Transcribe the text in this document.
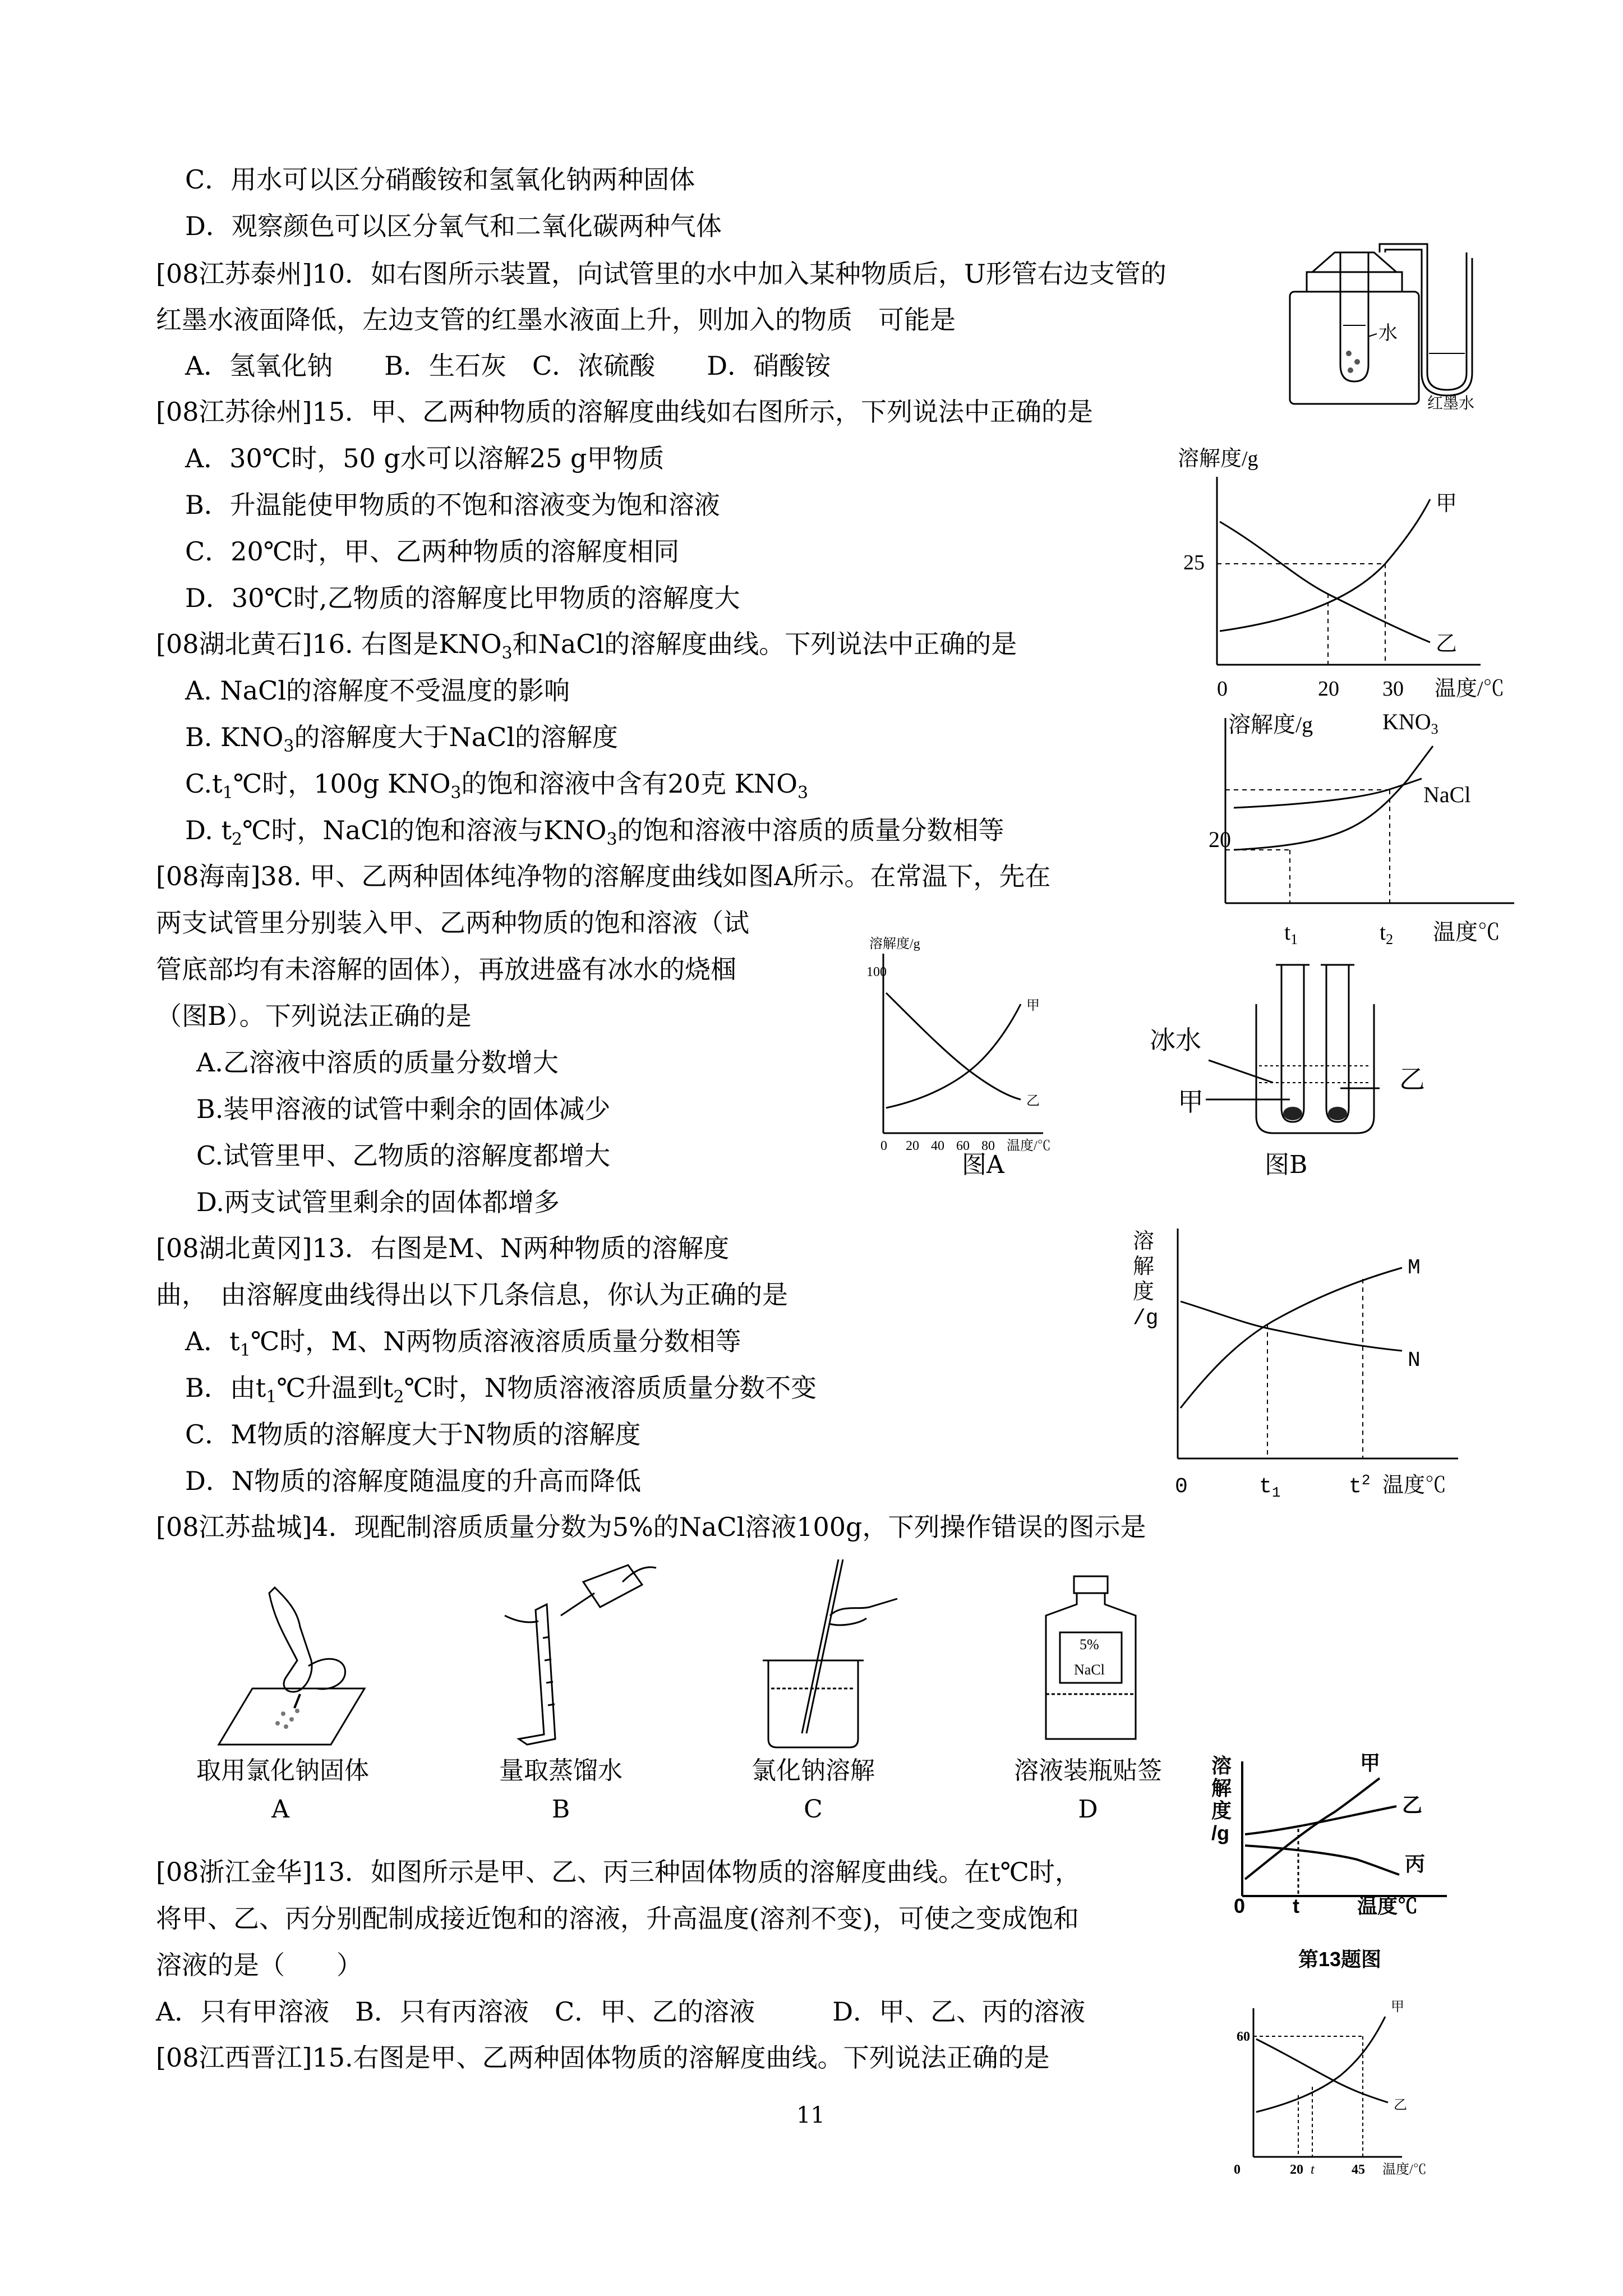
C．用水可以区分硝酸铵和氢氧化钠两种固体
D．观察颜色可以区分氧气和二氧化碳两种气体
[08江苏泰州]10．如右图所示装置，向试管里的水中加入某种物质后，U形管右边支管的
红墨水液面降低，左边支管的红墨水液面上升，则加入的物质　可能是
A．氢氧化钠　　B．生石灰　C．浓硫酸　　D．硝酸铵
[08江苏徐州]15．甲、乙两种物质的溶解度曲线如右图所示，下列说法中正确的是
A．30℃时，50 g水可以溶解25 g甲物质
B．升温能使甲物质的不饱和溶液变为饱和溶液
C．20℃时，甲、乙两种物质的溶解度相同
D．30℃时,乙物质的溶解度比甲物质的溶解度大
[08湖北黄石]16. 右图是$KNO_3$和NaCl的溶解度曲线。下列说法中正确的是
A. NaCl的溶解度不受温度的影响
B. $KNO_3$的溶解度大于NaCl的溶解度
$C.t_1℃$时，100g $KNO_3$的饱和溶液中含有20克 $KNO_3$
D. $t_2℃$时，NaCl的饱和溶液与$KNO_3$的饱和溶液中溶质的质量分数相等
[08海南]38. 甲、乙两种固体纯净物的溶解度曲线如图A所示。在常温下，先在
两支试管里分别装入甲、乙两种物质的饱和溶液（试
管底部均有未溶解的固体），再放进盛有冰水的烧椢
（图B）。下列说法正确的是
A.乙溶液中溶质的质量分数增大
B.装甲溶液的试管中剩余的固体减少
C.试管里甲、乙物质的溶解度都增大
D.两支试管里剩余的固体都增多
[08湖北黄冈]13．右图是M、N两种物质的溶解度
曲，　由溶解度曲线得出以下几条信息，你认为正确的是
A．$t_1℃$时，M、N两物质溶液溶质质量分数相等
B．由$t_1℃$升温到$t_2℃$时，N物质溶液溶质质量分数不变
C．M物质的溶解度大于N物质的溶解度
D．N物质的溶解度随温度的升高而降低
[08江苏盐城]4．现配制溶质质量分数为5%的NaCl溶液100g，下列操作错误的图示是
[08浙江金华]13．如图所示是甲、乙、丙三种固体物质的溶解度曲线。在t℃时，
将甲、乙、丙分别配制成接近饱和的溶液，升高温度(溶剂不变)，可使之变成饱和
溶液的是（　　）
A．只有甲溶液　B．只有丙溶液　C．甲、乙的溶液　　　D．甲、乙、丙的溶液
[08江西晋江]15.右图是甲、乙两种固体物质的溶解度曲线。下列说法正确的是
11
水
红墨水
溶解度/g
25
0	20 30 温度/℃
甲
乙
溶解度/g	$KNO_3$
NaCl
20
$t_1$	$t_2$ 温度℃
溶解度/g
100
0 20 40 60 80 温度/℃
甲
乙
图A
冰水
甲
乙
图B
溶
解
度
/g
M
N
0	$t_1$	$t^2$ 温度℃
5%
NaCl
取用氯化钠固体	量取蒸馏水	氯化钠溶解	溶液装瓶贴签
A	B	C	D
溶
解
度
/g
甲
乙
丙
0 t	温度℃
第13题图
甲
乙
60
0	20 t	45 温度/℃
